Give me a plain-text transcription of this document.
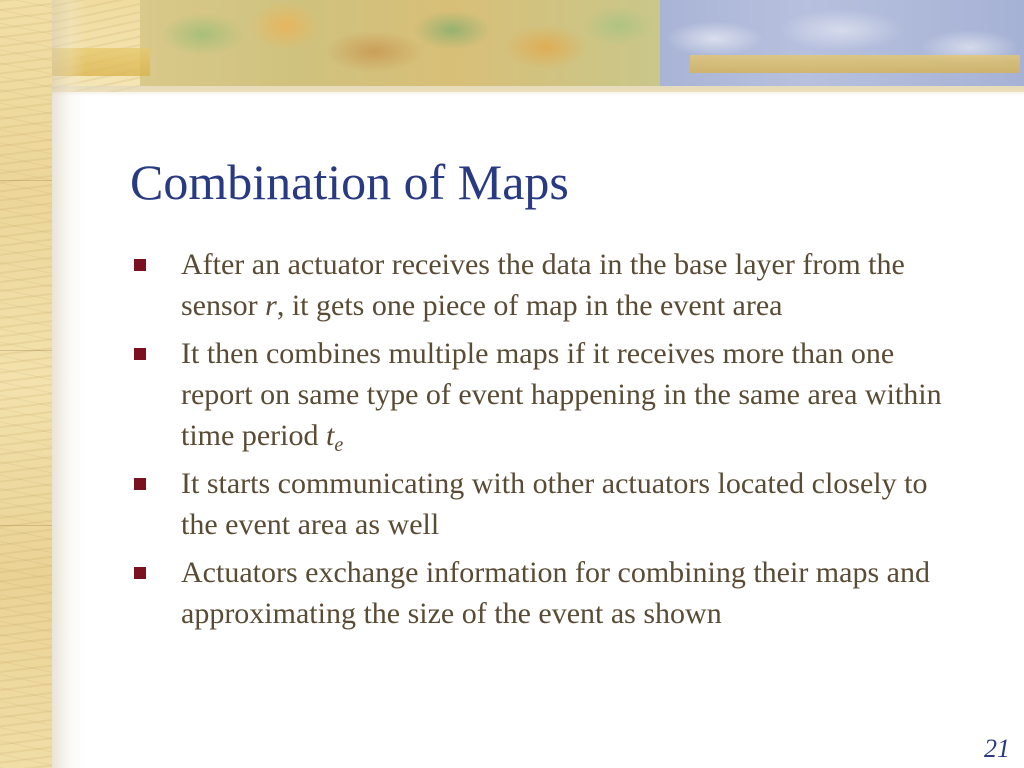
Combination of Maps
After an actuator receives the data in the base layer from the sensor r, it gets one piece of map in the event area
It then combines multiple maps if it receives more than one report on same type of event happening in the same area within time period $t_e$
It starts communicating with other actuators located closely to the event area as well
Actuators exchange information for combining their maps and approximating the size of the event as shown
21
